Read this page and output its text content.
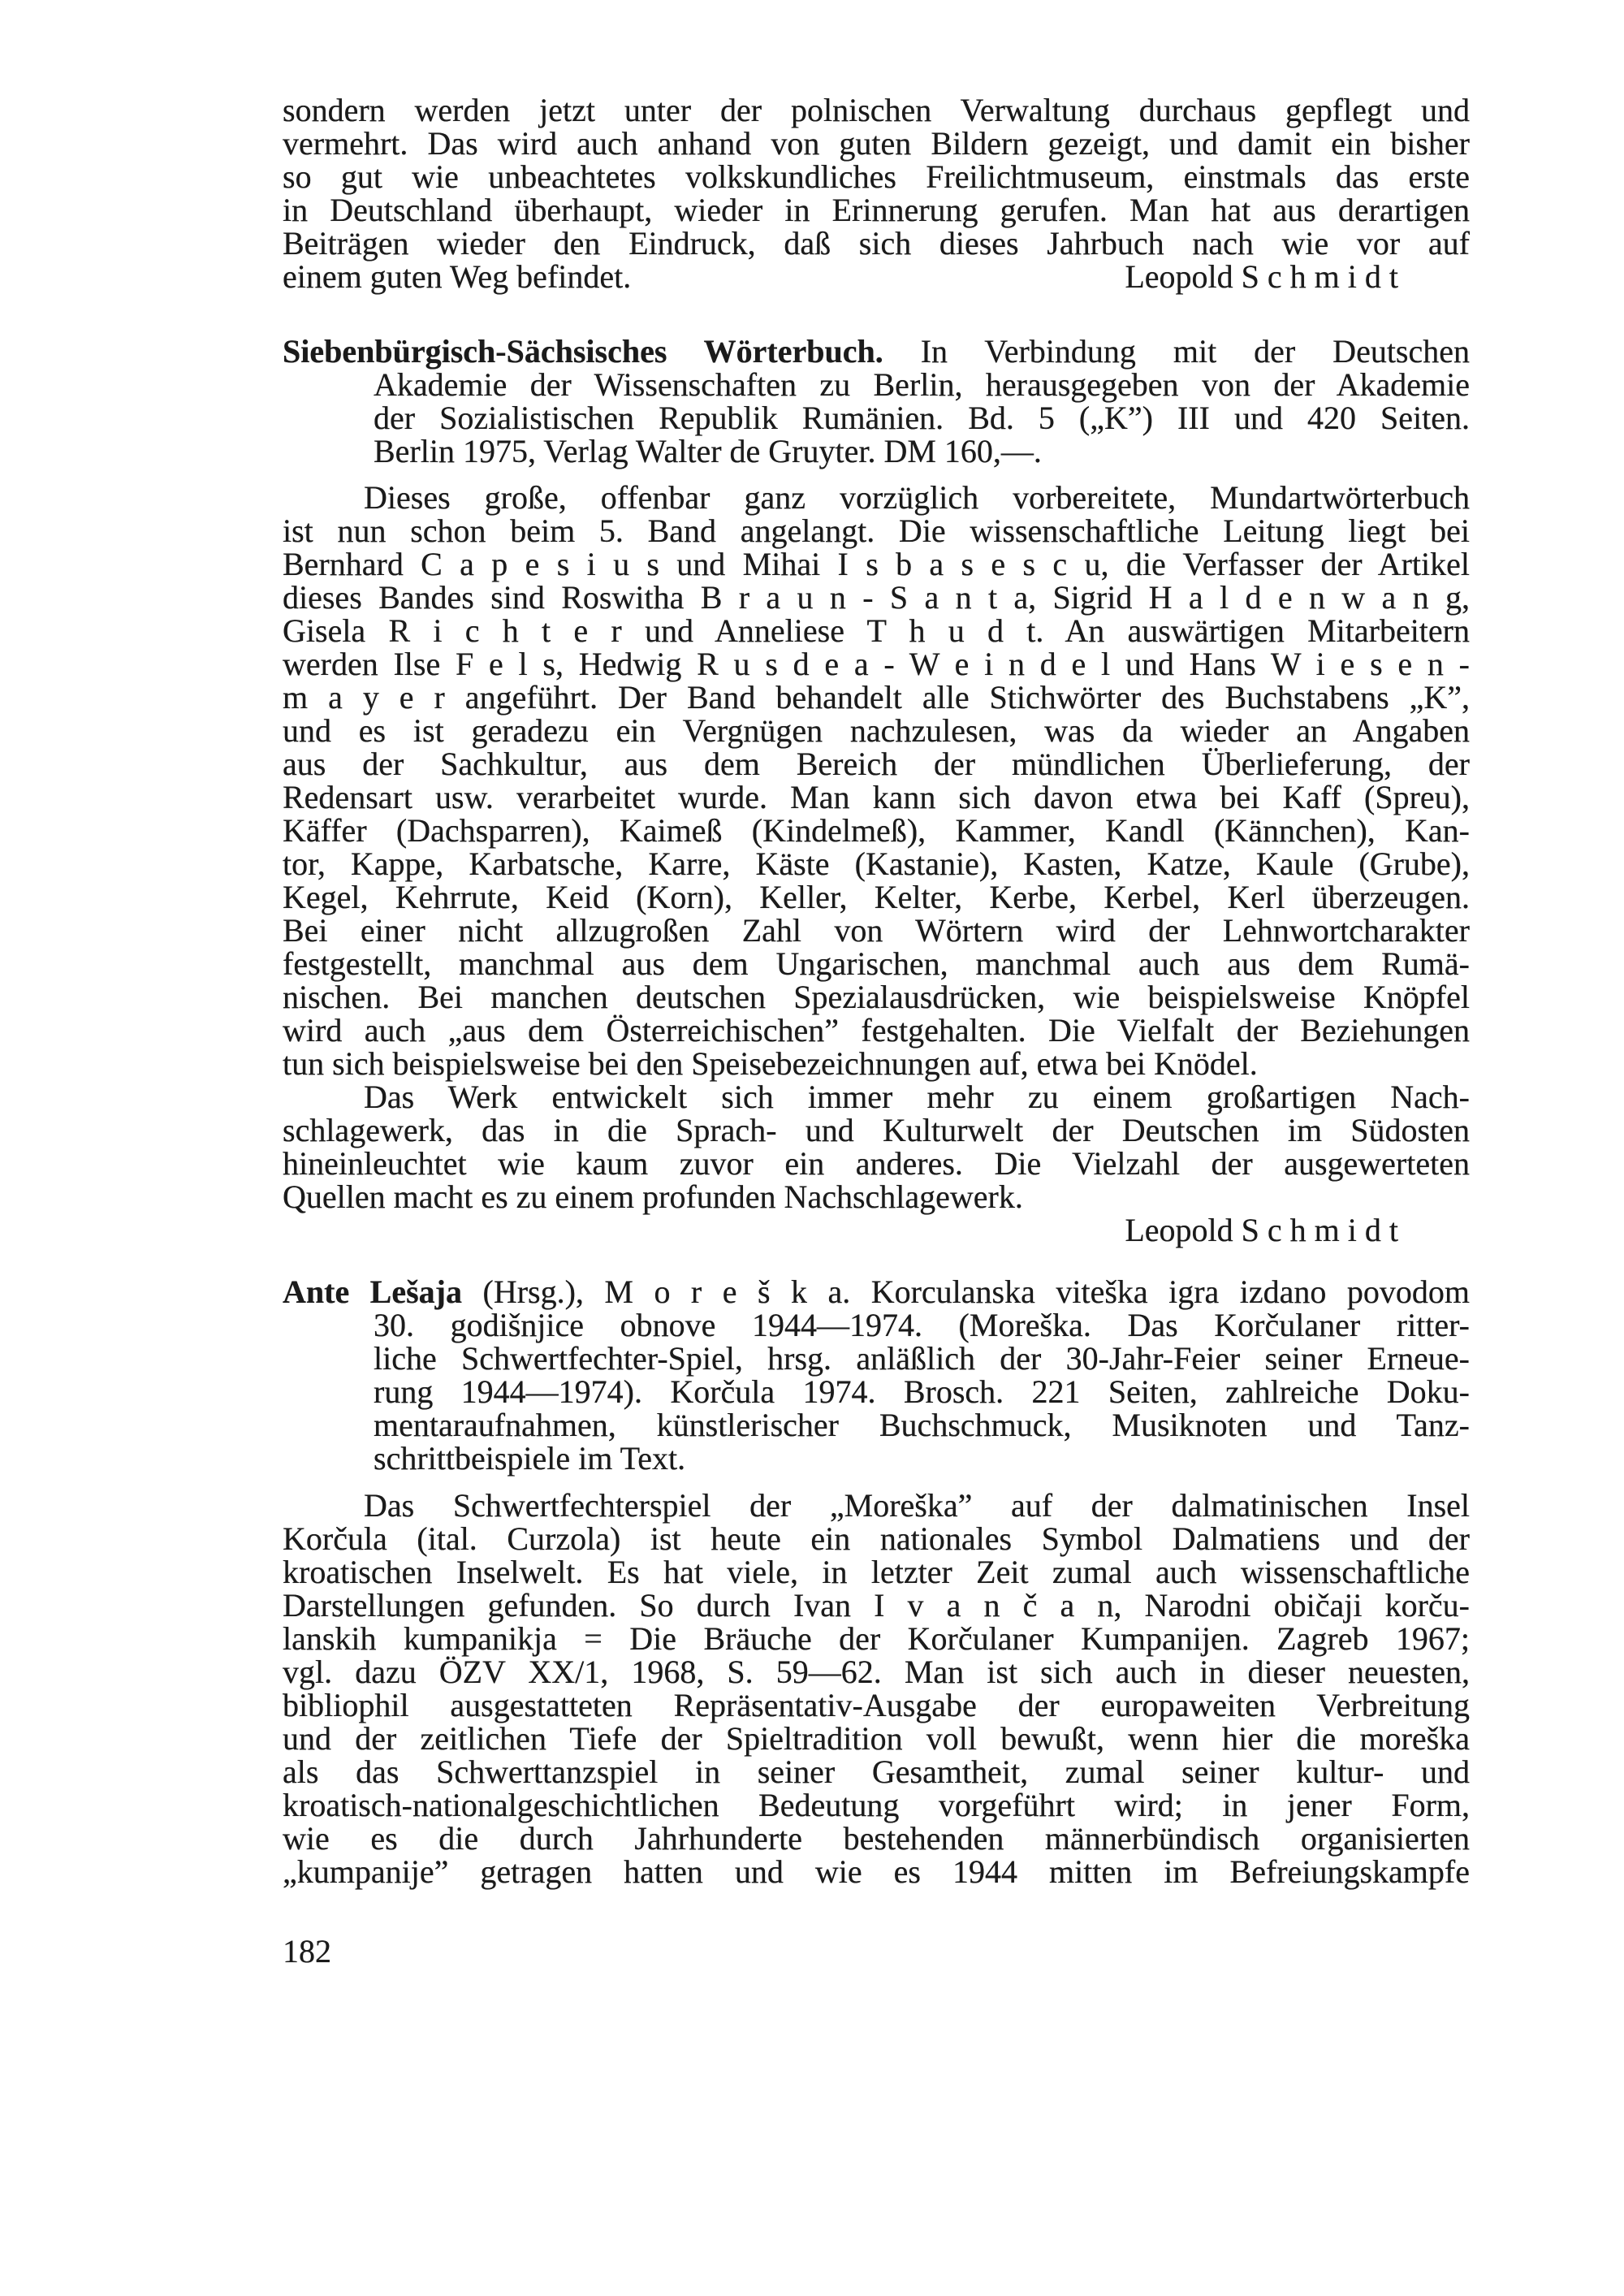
sondern werden jetzt unter der polnischen Verwaltung durchaus gepflegt und
vermehrt. Das wird auch anhand von guten Bildern gezeigt, und damit ein bisher
so gut wie unbeachtetes volkskundliches Freilichtmuseum, einstmals das erste
in Deutschland überhaupt, wieder in Erinnerung gerufen. Man hat aus derartigen
Beiträgen wieder den Eindruck, daß sich dieses Jahrbuch nach wie vor auf
einem guten Weg befindet.	Leopold S c h m i d t
Siebenbürgisch-Sächsisches Wörterbuch. In Verbindung mit der Deutschen
Akademie der Wissenschaften zu Berlin, herausgegeben von der Akademie
der Sozialistischen Republik Rumänien. Bd. 5 („K”) III und 420 Seiten.
Berlin 1975, Verlag Walter de Gruyter. DM 160,—.
Dieses große, offenbar ganz vorzüglich vorbereitete, Mundartwörterbuch
ist nun schon beim 5. Band angelangt. Die wissenschaftliche Leitung liegt bei
Bernhard C a p e s i u s und Mihai I s b a s e s c u, die Verfasser der Artikel
dieses Bandes sind Roswitha B r a u n - S a n t a, Sigrid H a l d e n w a n g,
Gisela R i c h t e r und Anneliese T h u d t. An auswärtigen Mitarbeitern
werden Ilse F e l s, Hedwig R u s d e a - W e i n d e l und Hans W i e s e n -
m a y e r angeführt. Der Band behandelt alle Stichwörter des Buchstabens „K”,
und es ist geradezu ein Vergnügen nachzulesen, was da wieder an Angaben
aus der Sachkultur, aus dem Bereich der mündlichen Überlieferung, der
Redensart usw. verarbeitet wurde. Man kann sich davon etwa bei Kaff (Spreu),
Käffer (Dachsparren), Kaimeß (Kindelmeß), Kammer, Kandl (Kännchen), Kan-
tor, Kappe, Karbatsche, Karre, Käste (Kastanie), Kasten, Katze, Kaule (Grube),
Kegel, Kehrrute, Keid (Korn), Keller, Kelter, Kerbe, Kerbel, Kerl überzeugen.
Bei einer nicht allzugroßen Zahl von Wörtern wird der Lehnwortcharakter
festgestellt, manchmal aus dem Ungarischen, manchmal auch aus dem Rumä-
nischen. Bei manchen deutschen Spezialausdrücken, wie beispielsweise Knöpfel
wird auch „aus dem Österreichischen” festgehalten. Die Vielfalt der Beziehungen
tun sich beispielsweise bei den Speisebezeichnungen auf, etwa bei Knödel.
Das Werk entwickelt sich immer mehr zu einem großartigen Nach-
schlagewerk, das in die Sprach- und Kulturwelt der Deutschen im Südosten
hineinleuchtet wie kaum zuvor ein anderes. Die Vielzahl der ausgewerteten
Quellen macht es zu einem profunden Nachschlagewerk.
Leopold S c h m i d t
Ante Lešaja (Hrsg.), M o r e š k a. Korculanska viteška igra izdano povodom
30. godišnjice obnove 1944—1974. (Moreška. Das Korčulaner ritter-
liche Schwertfechter-Spiel, hrsg. anläßlich der 30-Jahr-Feier seiner Erneue-
rung 1944—1974). Korčula 1974. Brosch. 221 Seiten, zahlreiche Doku-
mentaraufnahmen, künstlerischer Buchschmuck, Musiknoten und Tanz-
schrittbeispiele im Text.
Das Schwertfechterspiel der „Moreška” auf der dalmatinischen Insel
Korčula (ital. Curzola) ist heute ein nationales Symbol Dalmatiens und der
kroatischen Inselwelt. Es hat viele, in letzter Zeit zumal auch wissenschaftliche
Darstellungen gefunden. So durch Ivan I v a n č a n, Narodni običaji korču-
lanskih kumpanikja = Die Bräuche der Korčulaner Kumpanijen. Zagreb 1967;
vgl. dazu ÖZV XX/1, 1968, S. 59—62. Man ist sich auch in dieser neuesten,
bibliophil ausgestatteten Repräsentativ-Ausgabe der europaweiten Verbreitung
und der zeitlichen Tiefe der Spieltradition voll bewußt, wenn hier die moreška
als das Schwerttanzspiel in seiner Gesamtheit, zumal seiner kultur- und
kroatisch-nationalgeschichtlichen Bedeutung vorgeführt wird; in jener Form,
wie es die durch Jahrhunderte bestehenden männerbündisch organisierten
„kumpanije” getragen hatten und wie es 1944 mitten im Befreiungskampfe
182
